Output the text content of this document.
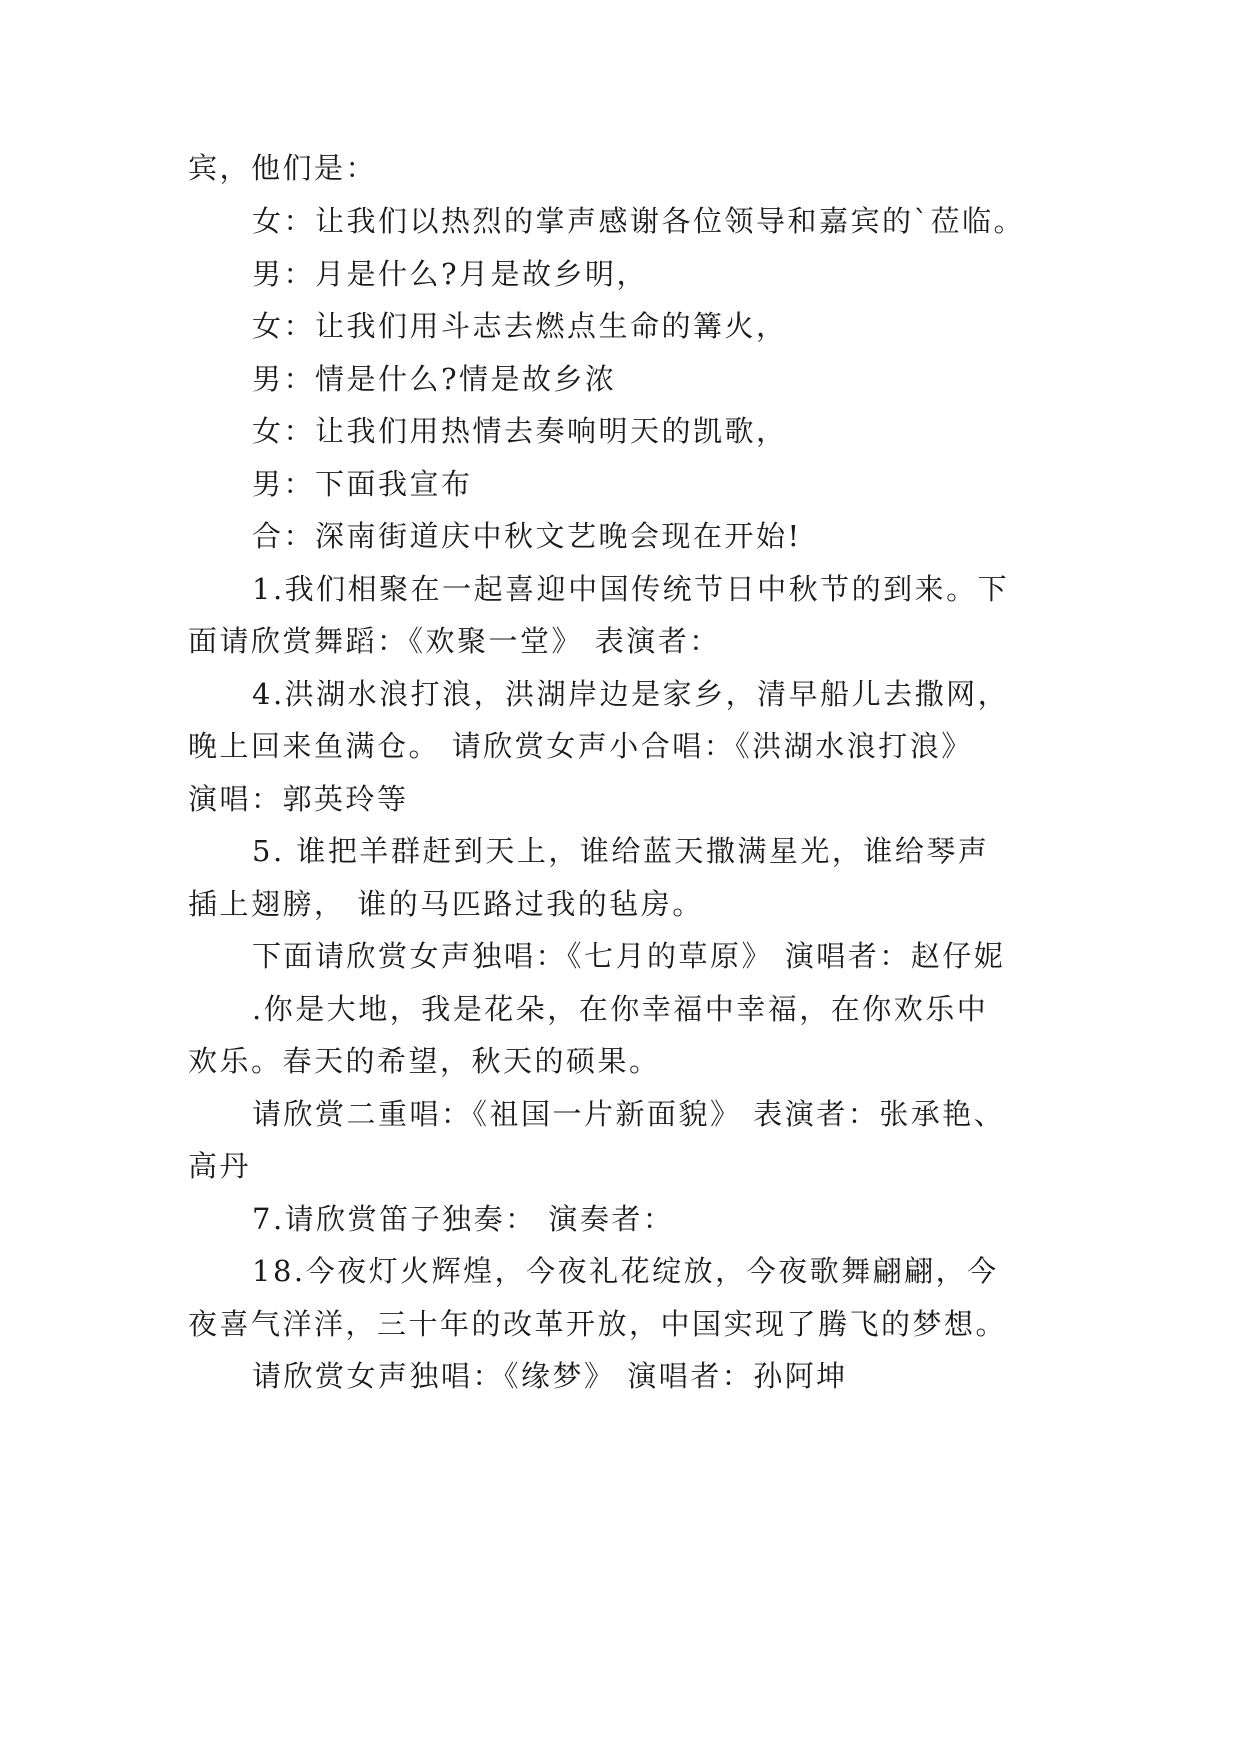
宾，他们是：
女：让我们以热烈的掌声感谢各位领导和嘉宾的`莅临。
男：月是什么?月是故乡明，
女：让我们用斗志去燃点生命的篝火，
男：情是什么?情是故乡浓
女：让我们用热情去奏响明天的凯歌，
男：下面我宣布
合：深南街道庆中秋文艺晚会现在开始!
1.我们相聚在一起喜迎中国传统节日中秋节的到来。下
面请欣赏舞蹈：《欢聚一堂》 表演者：
4.洪湖水浪打浪，洪湖岸边是家乡，清早船儿去撒网，
晚上回来鱼满仓。 请欣赏女声小合唱：《洪湖水浪打浪》
演唱：郭英玲等
5. 谁把羊群赶到天上，谁给蓝天撒满星光，谁给琴声
插上翅膀， 谁的马匹路过我的毡房。
下面请欣赏女声独唱：《七月的草原》 演唱者：赵仔妮
.你是大地，我是花朵，在你幸福中幸福，在你欢乐中
欢乐。春天的希望，秋天的硕果。
请欣赏二重唱：《祖国一片新面貌》 表演者：张承艳、
高丹
7.请欣赏笛子独奏： 演奏者：
18.今夜灯火辉煌，今夜礼花绽放，今夜歌舞翩翩，今
夜喜气洋洋，三十年的改革开放，中国实现了腾飞的梦想。
请欣赏女声独唱：《缘梦》 演唱者：孙阿坤
